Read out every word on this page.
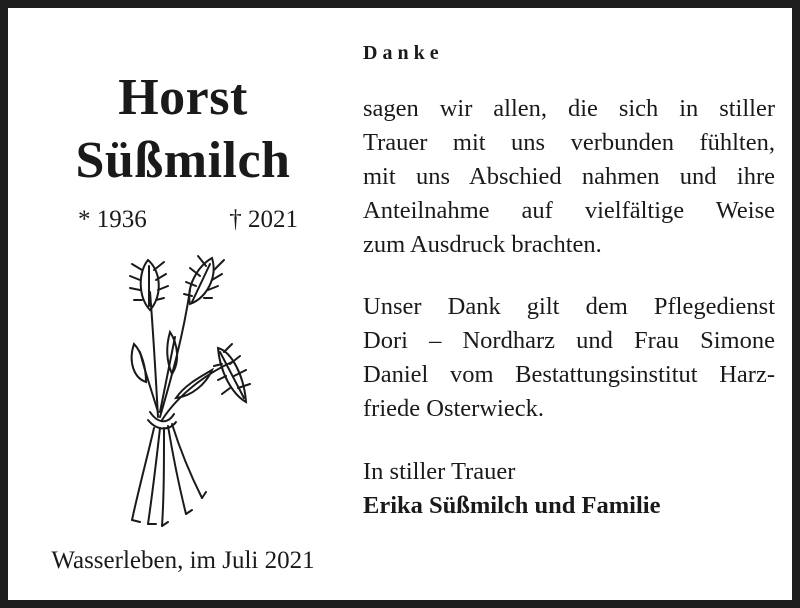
Horst
Süßmilch
* 1936	† 2021
Wasserleben, im Juli 2021
Danke

sagen wir allen, die sich in stiller
Trauer mit uns verbunden fühlten,
mit uns Abschied nahmen und ihre
Anteilnahme auf vielfältige Weise
zum Ausdruck brachten.

Unser Dank gilt dem Pflegedienst
Dori – Nordharz und Frau Simone
Daniel vom Bestattungsinstitut Harz-
friede Osterwieck.

In stiller Trauer
Erika Süßmilch und Familie
